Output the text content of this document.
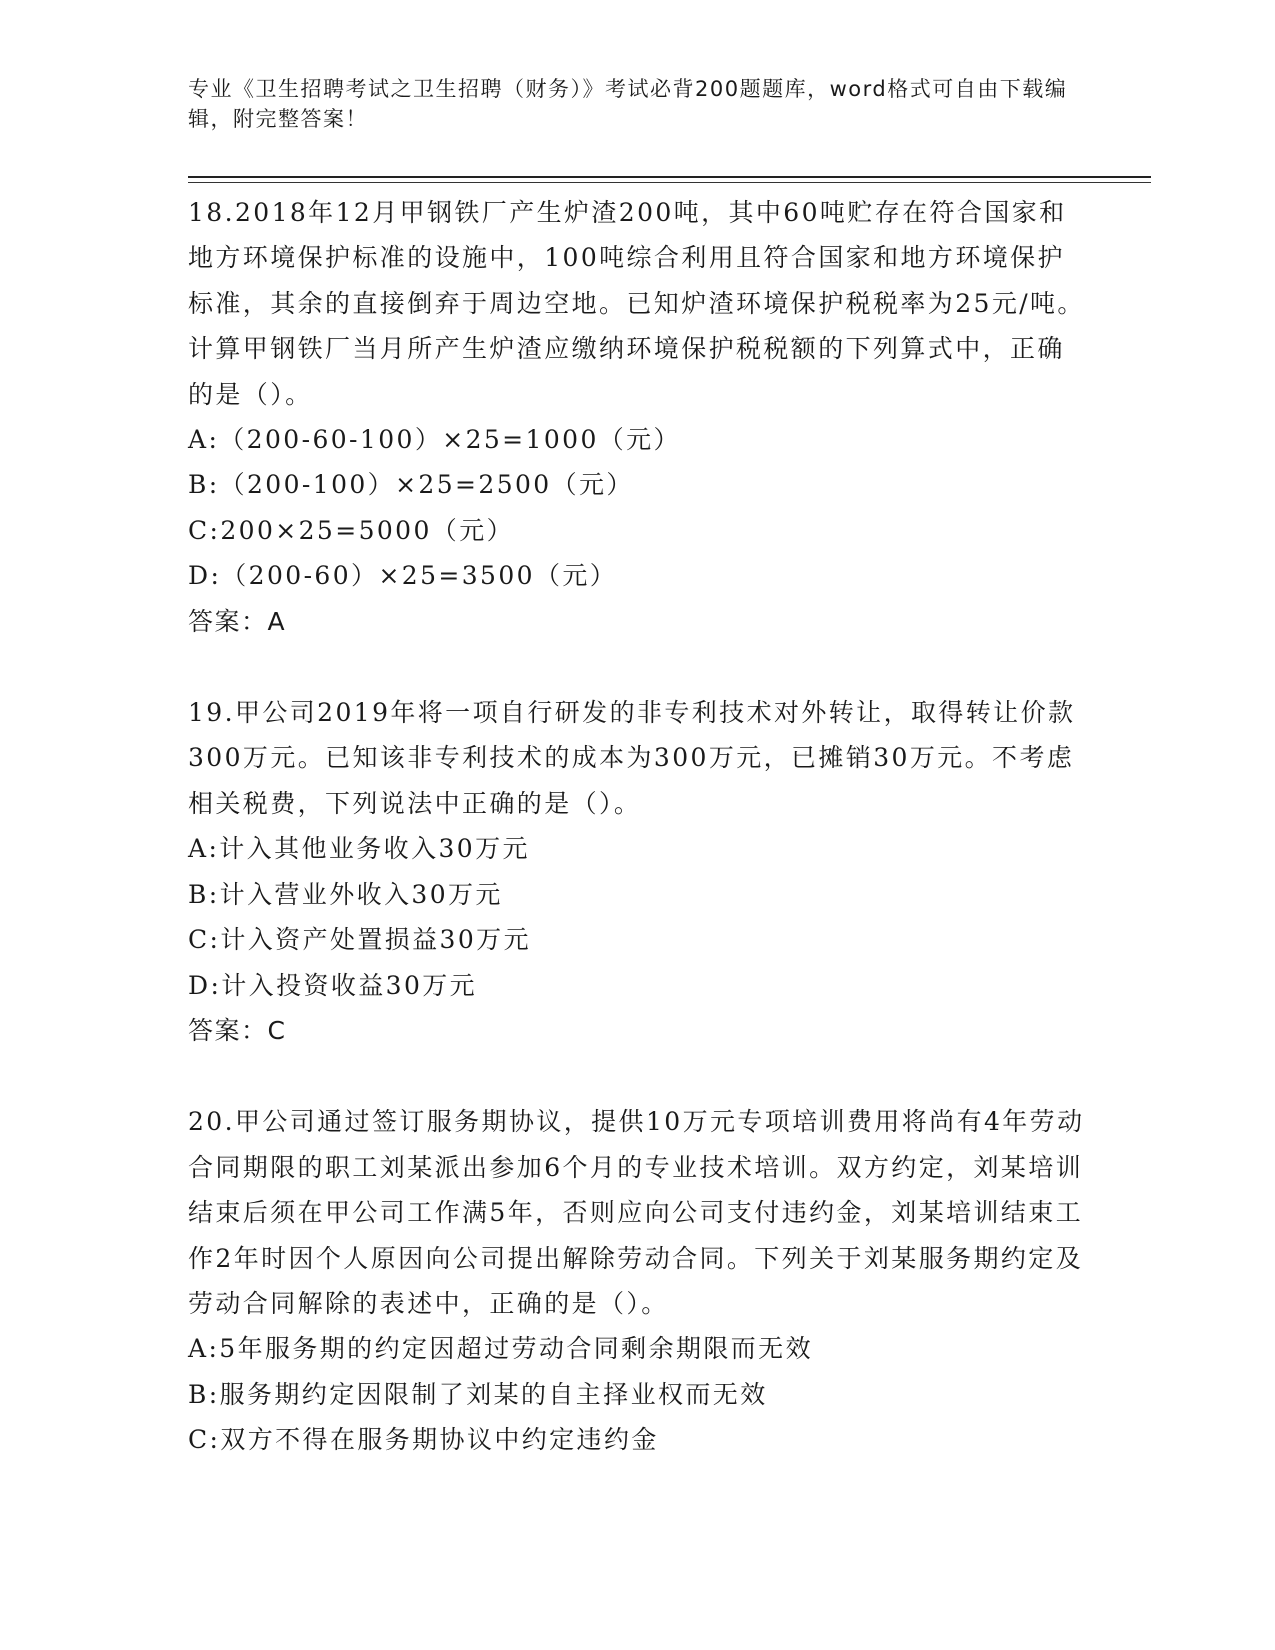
专业《卫生招聘考试之卫生招聘（财务）》考试必背200题题库，word格式可自由下载编辑，附完整答案！

18.2018年12月甲钢铁厂产生炉渣200吨，其中60吨贮存在符合国家和地方环境保护标准的设施中，100吨综合利用且符合国家和地方环境保护标准，其余的直接倒弃于周边空地。已知炉渣环境保护税税率为25元/吨。计算甲钢铁厂当月所产生炉渣应缴纳环境保护税税额的下列算式中，正确的是（）。

A:（200-60-100）×25=1000（元）

B:（200-100）×25=2500（元）

C:200×25=5000（元）

D:（200-60）×25=3500（元）

答案：A

19.甲公司2019年将一项自行研发的非专利技术对外转让，取得转让价款300万元。已知该非专利技术的成本为300万元，已摊销30万元。不考虑相关税费，下列说法中正确的是（）。

A:计入其他业务收入30万元

B:计入营业外收入30万元

C:计入资产处置损益30万元

D:计入投资收益30万元

答案：C

20.甲公司通过签订服务期协议，提供10万元专项培训费用将尚有4年劳动合同期限的职工刘某派出参加6个月的专业技术培训。双方约定，刘某培训结束后须在甲公司工作满5年，否则应向公司支付违约金，刘某培训结束工作2年时因个人原因向公司提出解除劳动合同。下列关于刘某服务期约定及劳动合同解除的表述中，正确的是（）。

A:5年服务期的约定因超过劳动合同剩余期限而无效

B:服务期约定因限制了刘某的自主择业权而无效

C:双方不得在服务期协议中约定违约金
